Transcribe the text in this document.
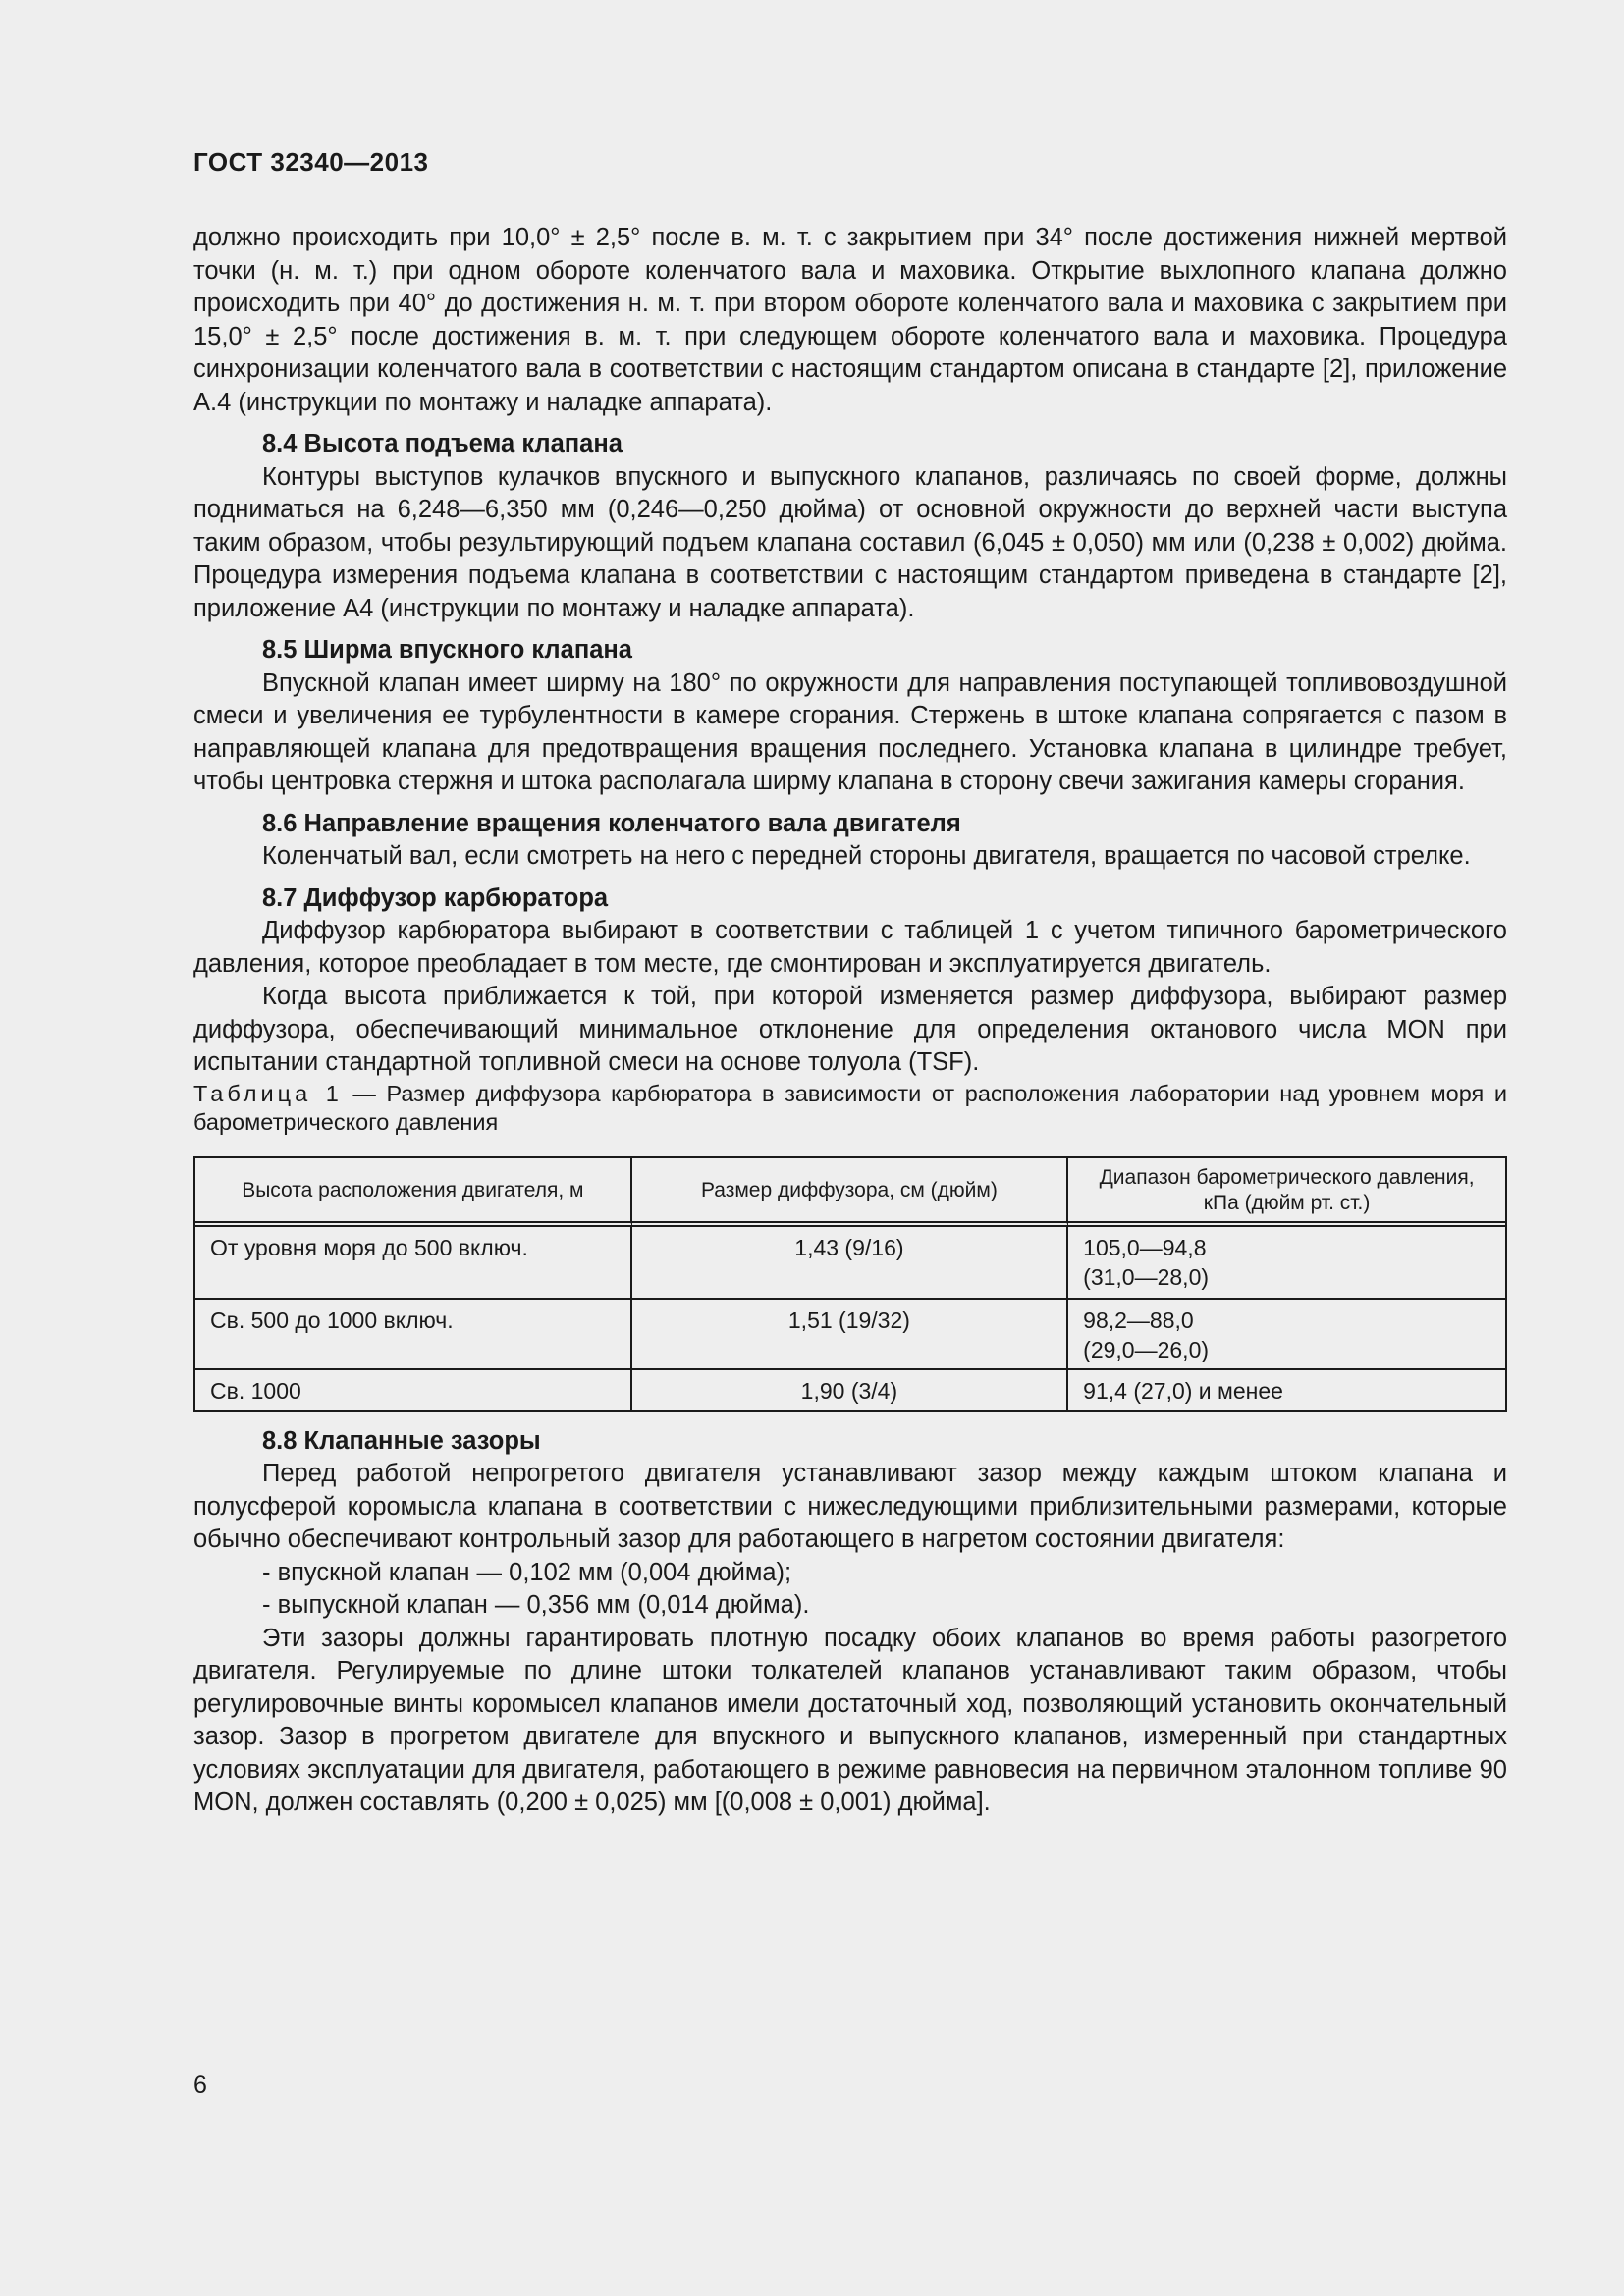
ГОСТ 32340—2013

должно происходить при 10,0° ± 2,5° после в. м. т. с закрытием при 34° после достижения нижней мертвой точки (н. м. т.) при одном обороте коленчатого вала и маховика. Открытие выхлопного клапана должно происходить при 40° до достижения н. м. т. при втором обороте коленчатого вала и маховика с закрытием при 15,0° ± 2,5° после достижения в. м. т. при следующем обороте коленчатого вала и маховика. Процедура синхронизации коленчатого вала в соответствии с настоящим стандартом описана в стандарте [2], приложение А.4 (инструкции по монтажу и наладке аппарата).

8.4 Высота подъема клапана

Контуры выступов кулачков впускного и выпускного клапанов, различаясь по своей форме, должны подниматься на 6,248—6,350 мм (0,246—0,250 дюйма) от основной окружности до верхней части выступа таким образом, чтобы результирующий подъем клапана составил (6,045 ± 0,050) мм или (0,238 ± 0,002) дюйма. Процедура измерения подъема клапана в соответствии с настоящим стандартом приведена в стандарте [2], приложение А4 (инструкции по монтажу и наладке аппарата).

8.5 Ширма впускного клапана

Впускной клапан имеет ширму на 180° по окружности для направления поступающей топливовоздушной смеси и увеличения ее турбулентности в камере сгорания. Стержень в штоке клапана сопрягается с пазом в направляющей клапана для предотвращения вращения последнего. Установка клапана в цилиндре требует, чтобы центровка стержня и штока располагала ширму клапана в сторону свечи зажигания камеры сгорания.

8.6 Направление вращения коленчатого вала двигателя

Коленчатый вал, если смотреть на него с передней стороны двигателя, вращается по часовой стрелке.

8.7 Диффузор карбюратора

Диффузор карбюратора выбирают в соответствии с таблицей 1 с учетом типичного барометрического давления, которое преобладает в том месте, где смонтирован и эксплуатируется двигатель.

Когда высота приближается к той, при которой изменяется размер диффузора, выбирают размер диффузора, обеспечивающий минимальное отклонение для определения октанового числа MON при испытании стандартной топливной смеси на основе толуола (TSF).

Таблица 1 — Размер диффузора карбюратора в зависимости от расположения лаборатории над уровнем моря и барометрического давления

Высота расположения двигателя, м	Размер диффузора, см (дюйм)	Диапазон барометрического давления, кПа (дюйм рт. ст.)
От уровня моря до 500 включ.	1,43 (9/16)	105,0—94,8
(31,0—28,0)

Св. 500 до 1000 включ.	1,51 (19/32)	98,2—88,0
(29,0—26,0)

Св. 1000	1,90 (3/4)	91,4 (27,0) и менее

8.8 Клапанные зазоры

Перед работой непрогретого двигателя устанавливают зазор между каждым штоком клапана и полусферой коромысла клапана в соответствии с нижеследующими приблизительными размерами, которые обычно обеспечивают контрольный зазор для работающего в нагретом состоянии двигателя:

- впускной клапан — 0,102 мм (0,004 дюйма);

- выпускной клапан — 0,356 мм (0,014 дюйма).

Эти зазоры должны гарантировать плотную посадку обоих клапанов во время работы разогретого двигателя. Регулируемые по длине штоки толкателей клапанов устанавливают таким образом, чтобы регулировочные винты коромысел клапанов имели достаточный ход, позволяющий установить окончательный зазор. Зазор в прогретом двигателе для впускного и выпускного клапанов, измеренный при стандартных условиях эксплуатации для двигателя, работающего в режиме равновесия на первичном эталонном топливе 90 MON, должен составлять (0,200 ± 0,025) мм [(0,008 ± 0,001) дюйма].

6
